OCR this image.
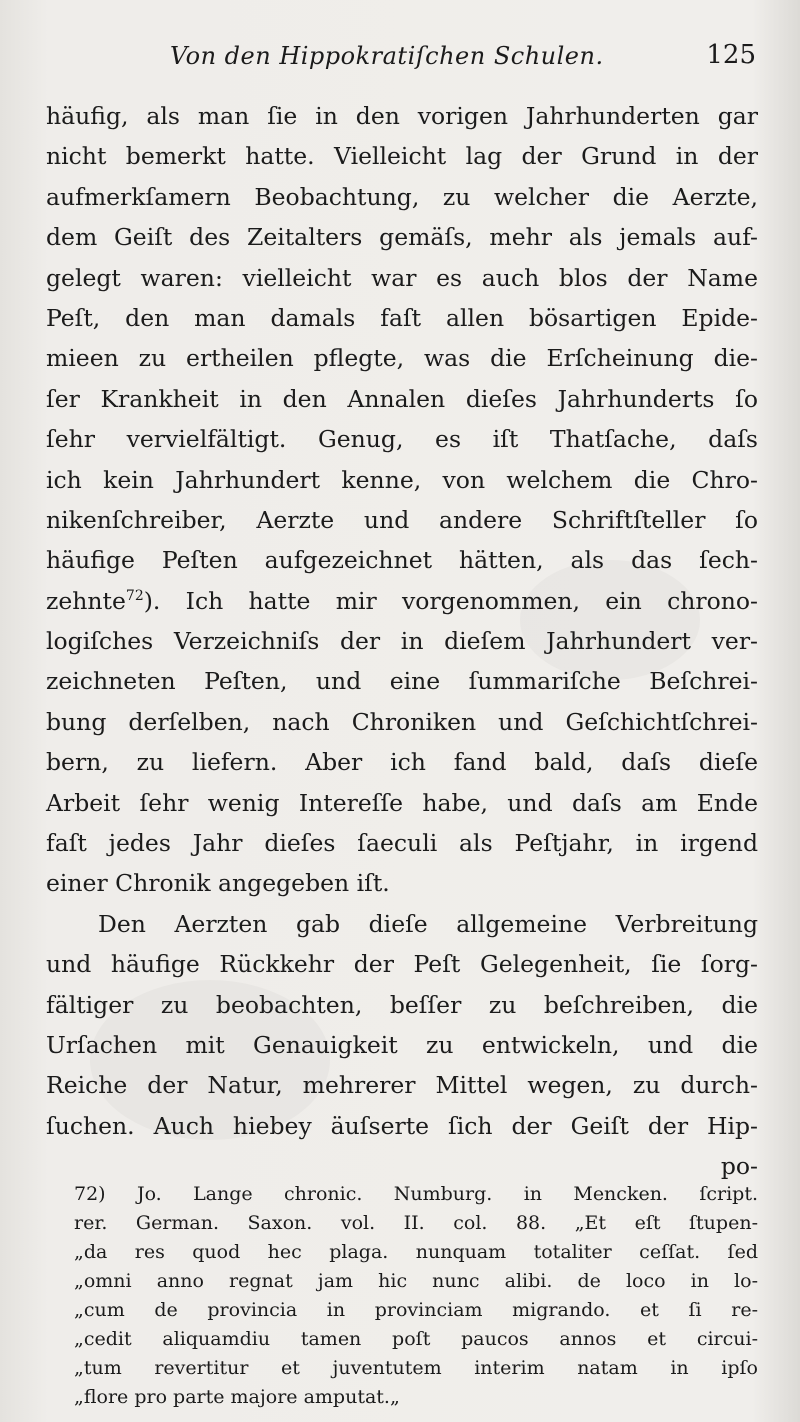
Von den Hippokratiſchen Schulen.	125
häufig, als man ſie in den vorigen Jahrhunderten gar
nicht bemerkt hatte. Vielleicht lag der Grund in der
aufmerkſamern Beobachtung, zu welcher die Aerzte,
dem Geiſt des Zeitalters gemäſs, mehr als jemals auf-
gelegt waren: vielleicht war es auch blos der Name
Peſt, den man damals faſt allen bösartigen Epide-
mieen zu ertheilen pflegte, was die Erſcheinung die-
ſer Krankheit in den Annalen dieſes Jahrhunderts ſo
ſehr vervielfältigt. Genug, es iſt Thatſache, daſs
ich kein Jahrhundert kenne, von welchem die Chro-
nikenſchreiber, Aerzte und andere Schriftſteller ſo
häufige Peſten aufgezeichnet hätten, als das ſech-
zehnte$^{72}$). Ich hatte mir vorgenommen, ein chrono-
logiſches Verzeichniſs der in dieſem Jahrhundert ver-
zeichneten Peſten, und eine ſummariſche Beſchrei-
bung derſelben, nach Chroniken und Geſchichtſchrei-
bern, zu liefern. Aber ich fand bald, daſs dieſe
Arbeit ſehr wenig Intereſſe habe, und daſs am Ende
faſt jedes Jahr dieſes ſaeculi als Peſtjahr, in irgend
einer Chronik angegeben iſt.
Den Aerzten gab dieſe allgemeine Verbreitung
und häufige Rückkehr der Peſt Gelegenheit, ſie ſorg-
fältiger zu beobachten, beſſer zu beſchreiben, die
Urſachen mit Genauigkeit zu entwickeln, und die
Reiche der Natur, mehrerer Mittel wegen, zu durch-
ſuchen. Auch hiebey äuſserte ſich der Geiſt der Hip-
po-
72) Jo. Lange chronic. Numburg. in Mencken. ſcript.
rer. German. Saxon. vol. II. col. 88. „Et eſt ſtupen-
„da res quod hec plaga. nunquam totaliter ceſſat. ſed
„omni anno regnat jam hic nunc alibi. de loco in lo-
„cum de provincia in provinciam migrando. et ſi re-
„cedit aliquamdiu tamen poſt paucos annos et circui-
„tum revertitur et juventutem interim natam in ipſo
„flore pro parte majore amputat.„
